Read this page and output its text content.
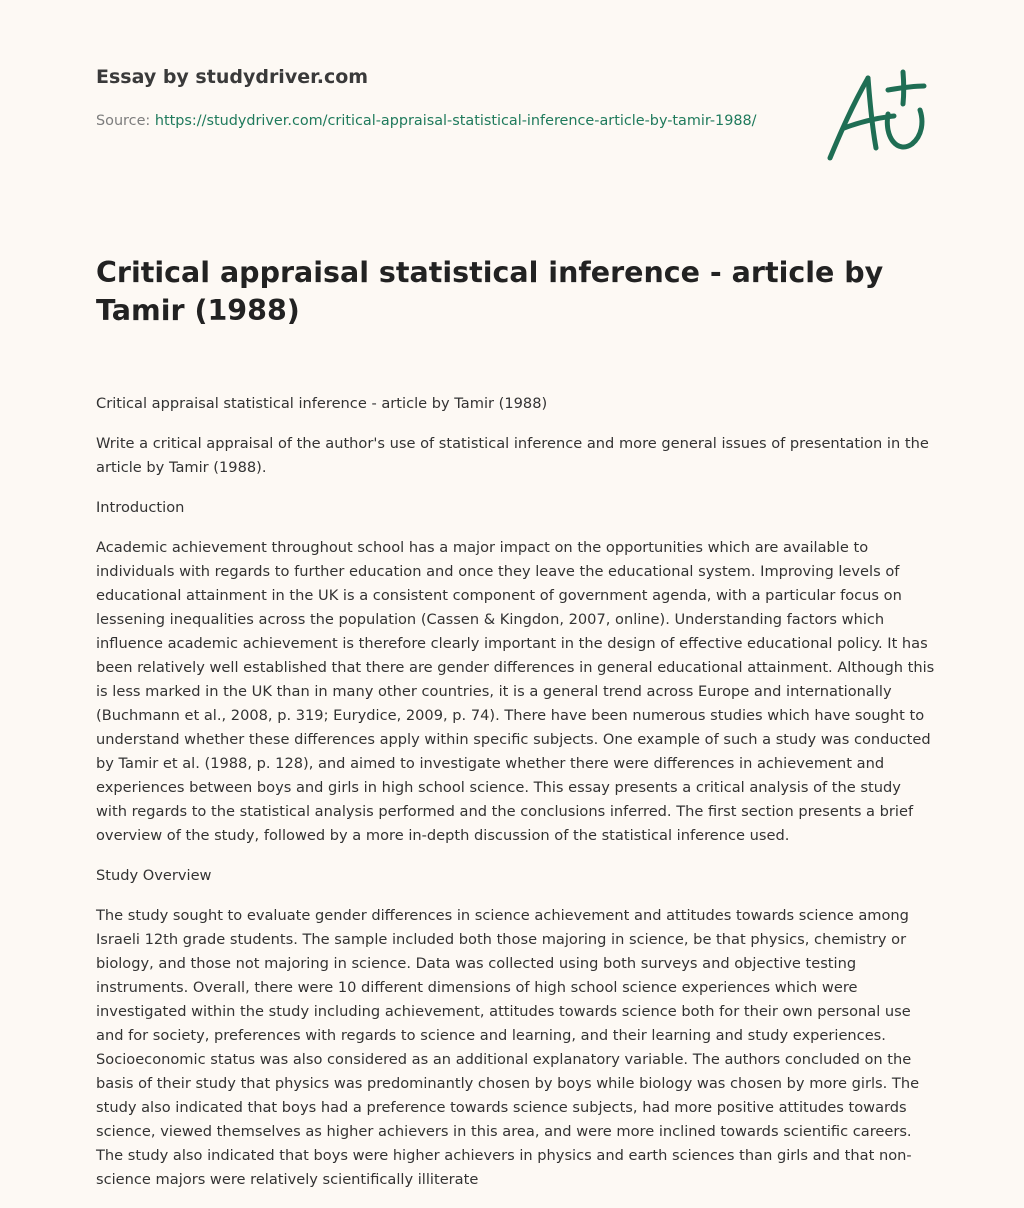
Essay by studydriver.com
Source: https://studydriver.com/critical-appraisal-statistical-inference-article-by-tamir-1988/
Critical appraisal statistical inference - article by Tamir (1988)

Critical appraisal statistical inference - article by Tamir (1988)

Write a critical appraisal of the author's use of statistical inference and more general issues of presentation in the article by Tamir (1988).

Introduction

Academic achievement throughout school has a major impact on the opportunities which are available to individuals with regards to further education and once they leave the educational system. Improving levels of educational attainment in the UK is a consistent component of government agenda, with a particular focus on lessening inequalities across the population (Cassen & Kingdon, 2007, online). Understanding factors which influence academic achievement is therefore clearly important in the design of effective educational policy. It has been relatively well established that there are gender differences in general educational attainment. Although this is less marked in the UK than in many other countries, it is a general trend across Europe and internationally (Buchmann et al., 2008, p. 319; Eurydice, 2009, p. 74). There have been numerous studies which have sought to understand whether these differences apply within specific subjects. One example of such a study was conducted by Tamir et al. (1988, p. 128), and aimed to investigate whether there were differences in achievement and experiences between boys and girls in high school science. This essay presents a critical analysis of the study with regards to the statistical analysis performed and the conclusions inferred. The first section presents a brief overview of the study, followed by a more in-depth discussion of the statistical inference used.

Study Overview

The study sought to evaluate gender differences in science achievement and attitudes towards science among Israeli 12th grade students. The sample included both those majoring in science, be that physics, chemistry or biology, and those not majoring in science. Data was collected using both surveys and objective testing instruments. Overall, there were 10 different dimensions of high school science experiences which were investigated within the study including achievement, attitudes towards science both for their own personal use and for society, preferences with regards to science and learning, and their learning and study experiences. Socioeconomic status was also considered as an additional explanatory variable. The authors concluded on the basis of their study that physics was predominantly chosen by boys while biology was chosen by more girls. The study also indicated that boys had a preference towards science subjects, had more positive attitudes towards science, viewed themselves as higher achievers in this area, and were more inclined towards scientific careers. The study also indicated that boys were higher achievers in physics and earth sciences than girls and that non-science majors were relatively scientifically illiterate
